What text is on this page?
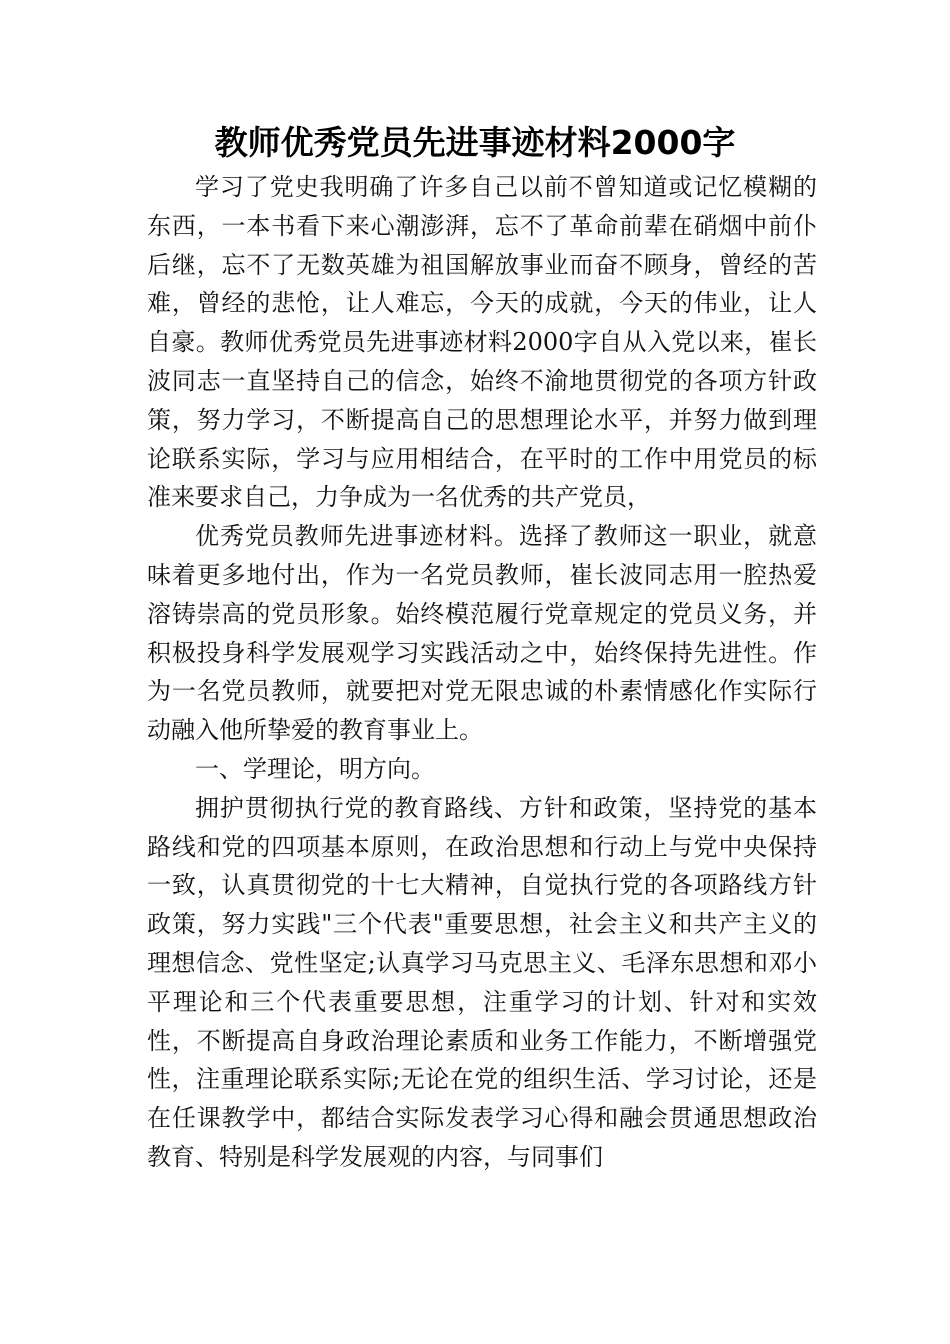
教师优秀党员先进事迹材料2000字

学习了党史我明确了许多自己以前不曾知道或记忆模糊的东西，一本书看下来心潮澎湃，忘不了革命前辈在硝烟中前仆后继，忘不了无数英雄为祖国解放事业而奋不顾身，曾经的苦难，曾经的悲怆，让人难忘，今天的成就，今天的伟业，让人自豪。教师优秀党员先进事迹材料2000字自从入党以来，崔长波同志一直坚持自己的信念，始终不渝地贯彻党的各项方针政策，努力学习，不断提高自己的思想理论水平，并努力做到理论联系实际，学习与应用相结合，在平时的工作中用党员的标准来要求自己，力争成为一名优秀的共产党员，

优秀党员教师先进事迹材料。选择了教师这一职业，就意味着更多地付出，作为一名党员教师，崔长波同志用一腔热爱溶铸崇高的党员形象。始终模范履行党章规定的党员义务，并积极投身科学发展观学习实践活动之中，始终保持先进性。作为一名党员教师，就要把对党无限忠诚的朴素情感化作实际行动融入他所挚爱的教育事业上。

一、学理论，明方向。

拥护贯彻执行党的教育路线、方针和政策，坚持党的基本路线和党的四项基本原则，在政治思想和行动上与党中央保持一致，认真贯彻党的十七大精神，自觉执行党的各项路线方针政策，努力实践"三个代表"重要思想，社会主义和共产主义的理想信念、党性坚定;认真学习马克思主义、毛泽东思想和邓小平理论和三个代表重要思想，注重学习的计划、针对和实效性，不断提高自身政治理论素质和业务工作能力，不断增强党性，注重理论联系实际;无论在党的组织生活、学习讨论，还是在任课教学中，都结合实际发表学习心得和融会贯通思想政治教育、特别是科学发展观的内容，与同事们
